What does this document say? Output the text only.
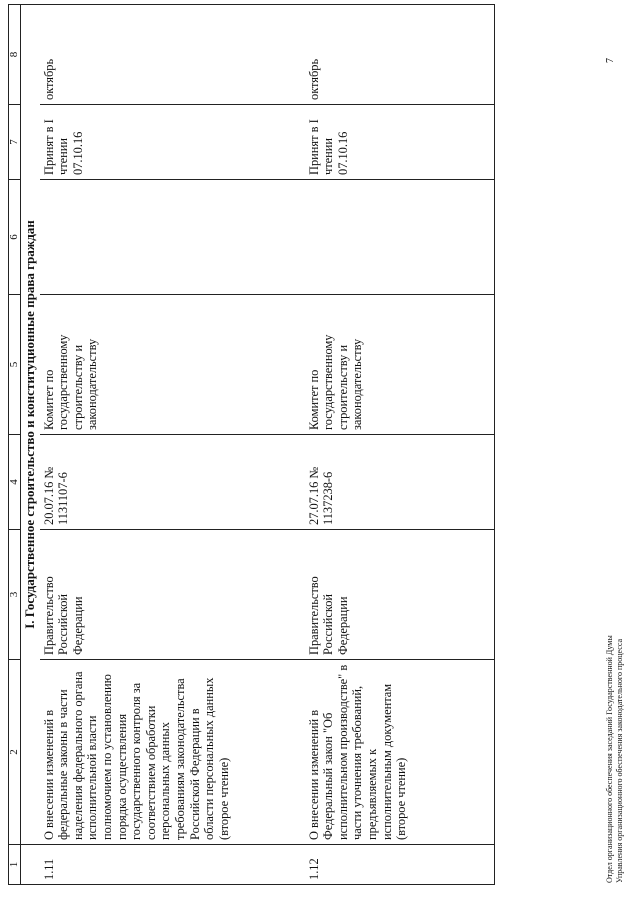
1	2	3	4	5	6	7	8
	I. Государственное строительство и конституционные права граждан						
1.11	О внесении изменений в федеральные законы в части наделения федерального органа исполнительной власти полномочием по установлению порядка осуществления государственного контроля за соответствием обработки персональных данных требованиям законодательства Российской Федерации в области персональных данных (второе чтение)	Правительство Российской Федерации	20.07.16 № 1131107-6	Комитет по государственному строительству и законодательству		Принят в I чтении 07.10.16	октябрь
1.12	О внесении изменений в Федеральный закон "Об исполнительном производстве" в части уточнения требований, предъявляемых к исполнительным документам (второе чтение)	Правительство Российской Федерации	27.07.16 № 1137238-6	Комитет по государственному строительству и законодательству		Принят в I чтении 07.10.16	октябрь
Отдел организационного обеспечения заседаний Государственной Думы Управления организационного обеспечения законодательного процесса
7
